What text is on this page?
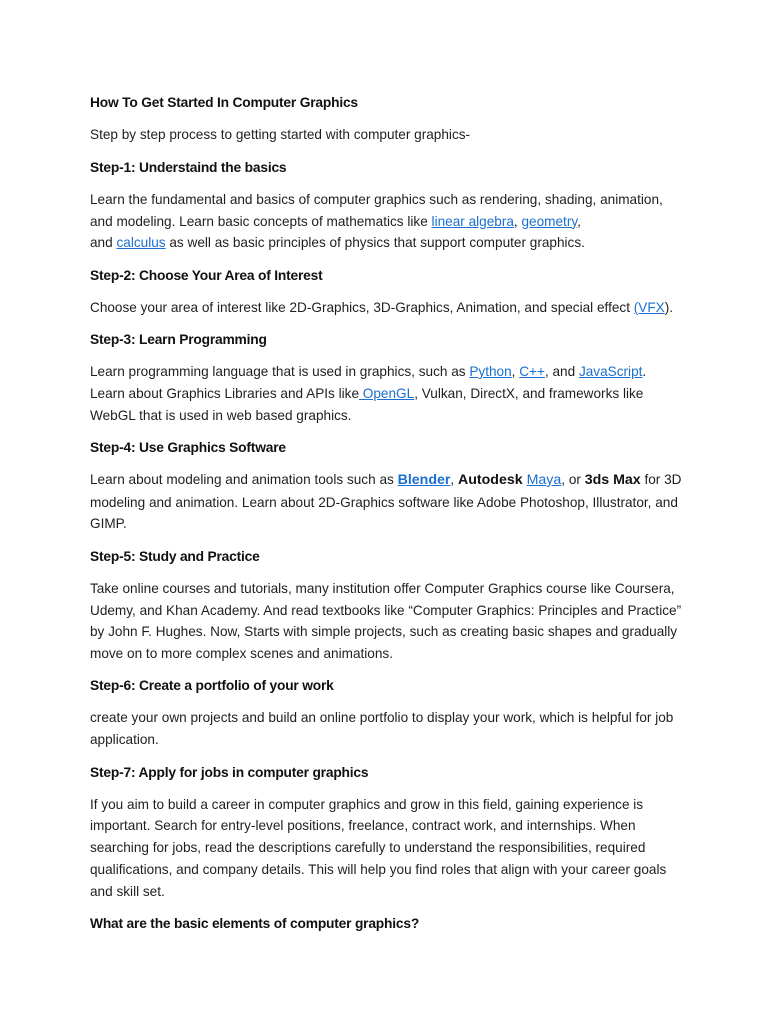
How To Get Started In Computer Graphics

Step by step process to getting started with computer graphics-

Step-1: Understaind the basics

Learn the fundamental and basics of computer graphics such as rendering, shading, animation, and modeling. Learn basic concepts of mathematics like linear algebra, geometry,
and calculus as well as basic principles of physics that support computer graphics.

Step-2: Choose Your Area of Interest

Choose your area of interest like 2D-Graphics, 3D-Graphics, Animation, and special effect (VFX).

Step-3: Learn Programming

Learn programming language that is used in graphics, such as Python, C++, and JavaScript. Learn about Graphics Libraries and APIs like OpenGL, Vulkan, DirectX, and frameworks like WebGL that is used in web based graphics.

Step-4: Use Graphics Software

Learn about modeling and animation tools such as Blender, Autodesk Maya, or 3ds Max for 3D modeling and animation. Learn about 2D-Graphics software like Adobe Photoshop, Illustrator, and GIMP.

Step-5: Study and Practice

Take online courses and tutorials, many institution offer Computer Graphics course like Coursera, Udemy, and Khan Academy. And read textbooks like “Computer Graphics: Principles and Practice” by John F. Hughes. Now, Starts with simple projects, such as creating basic shapes and gradually move on to more complex scenes and animations.

Step-6: Create a portfolio of your work

create your own projects and build an online portfolio to display your work, which is helpful for job application.

Step-7: Apply for jobs in computer graphics

If you aim to build a career in computer graphics and grow in this field, gaining experience is important. Search for entry-level positions, freelance, contract work, and internships. When searching for jobs, read the descriptions carefully to understand the responsibilities, required qualifications, and company details. This will help you find roles that align with your career goals and skill set.

What are the basic elements of computer graphics?
